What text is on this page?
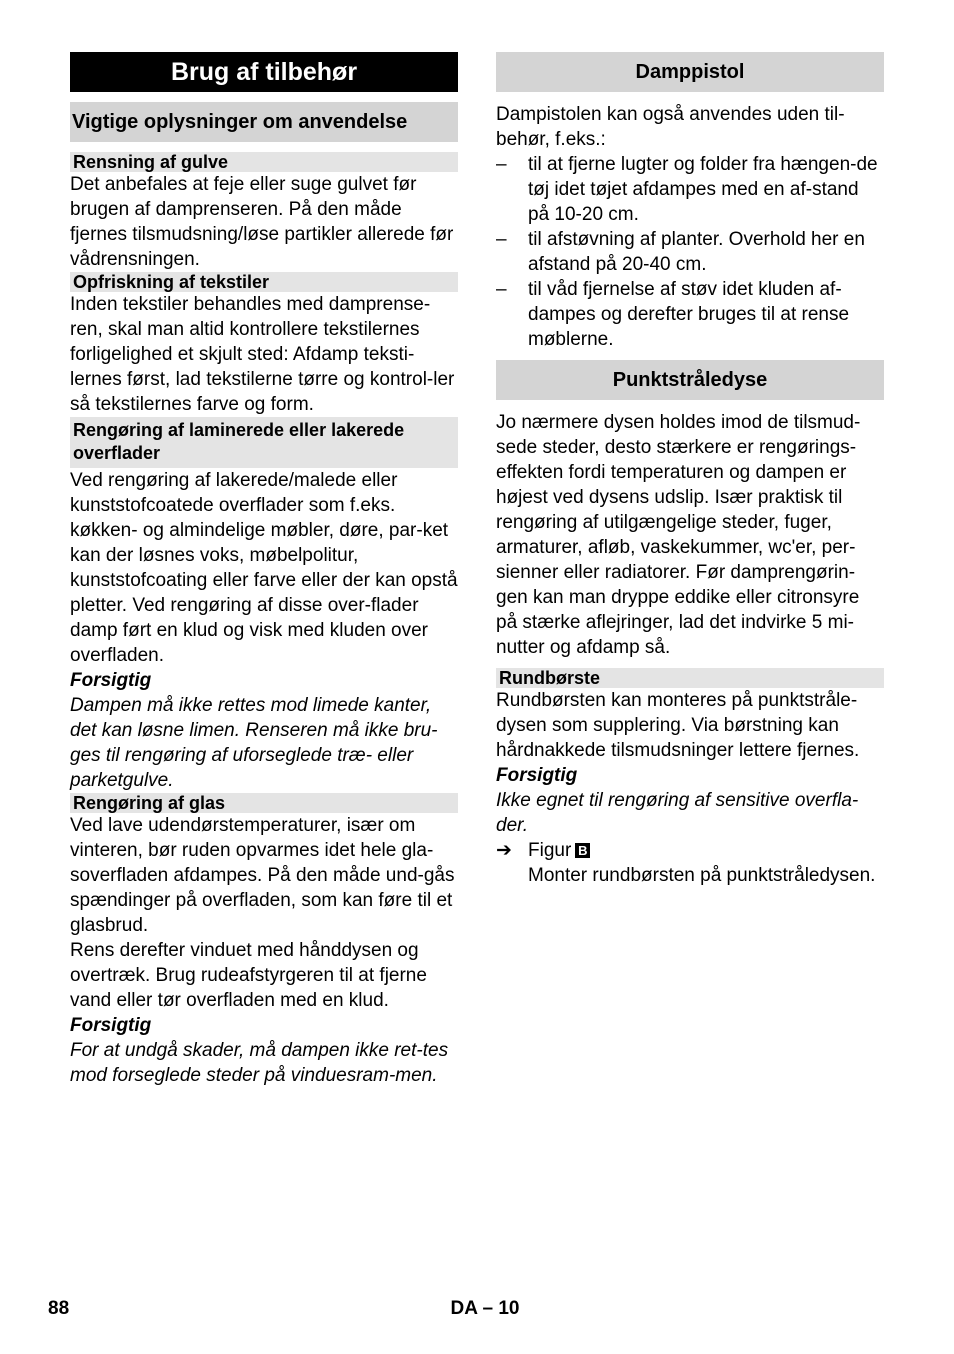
Brug af tilbehør
Vigtige oplysninger om anvendelse
Rensning af gulve

Det anbefales at feje eller suge gulvet før brugen af damprenseren. På den måde fjernes tilsmudsning/løse partikler allerede før vådrensningen.

Opfriskning af tekstiler

Inden tekstiler behandles med damprense-ren, skal man altid kontrollere tekstilernes forligelighed et skjult sted: Afdamp teksti-lernes først, lad tekstilerne tørre og kontrol-ler så tekstilernes farve og form.

Rengøring af laminerede eller lakerede overflader

Ved rengøring af lakerede/malede eller kunststofcoatede overflader som f.eks. køkken- og almindelige møbler, døre, par-ket kan der løsnes voks, møbelpolitur, kunststofcoating eller farve eller der kan opstå pletter. Ved rengøring af disse over-flader damp ført en klud og visk med kluden over overfladen.

Forsigtig

Dampen må ikke rettes mod limede kanter, det kan løsne limen. Renseren må ikke bru-ges til rengøring af uforseglede træ- eller parketgulve.

Rengøring af glas

Ved lave udendørstemperaturer, især om vinteren, bør ruden opvarmes idet hele gla-soverfladen afdampes. På den måde und-gås spændinger på overfladen, som kan føre til et glasbrud.

Rens derefter vinduet med hånddysen og overtræk. Brug rudeafstyrgeren til at fjerne vand eller tør overfladen med en klud.

Forsigtig

For at undgå skader, må dampen ikke ret-tes mod forseglede steder på vinduesram-men.

Damppistol

Dampistolen kan også anvendes uden til-behør, f.eks.:

–	til at fjerne lugter og folder fra hængen-de tøj idet tøjet afdampes med en af-stand på 10-20 cm.
–	til afstøvning af planter. Overhold her en afstand på 20-40 cm.
–	til våd fjernelse af støv idet kluden af-dampes og derefter bruges til at rense møblerne.
Punktstråledyse

Jo nærmere dysen holdes imod de tilsmud-sede steder, desto stærkere er rengørings-effekten fordi temperaturen og dampen er højest ved dysens udslip. Især praktisk til rengøring af utilgængelige steder, fuger, armaturer, afløb, vaskekummer, wc'er, per-sienner eller radiatorer. Før damprengørin-gen kan man dryppe eddike eller citronsyre på stærke aflejringer, lad det indvirke 5 mi-nutter og afdamp så.

Rundbørste

Rundbørsten kan monteres på punktstråle-dysen som supplering. Via børstning kan hårdnakkede tilsmudsninger lettere fjernes.

Forsigtig

Ikke egnet til rengøring af sensitive overfla-der.

➔ Figur B
Monter rundbørsten på punktstråledysen.
88	DA – 10
